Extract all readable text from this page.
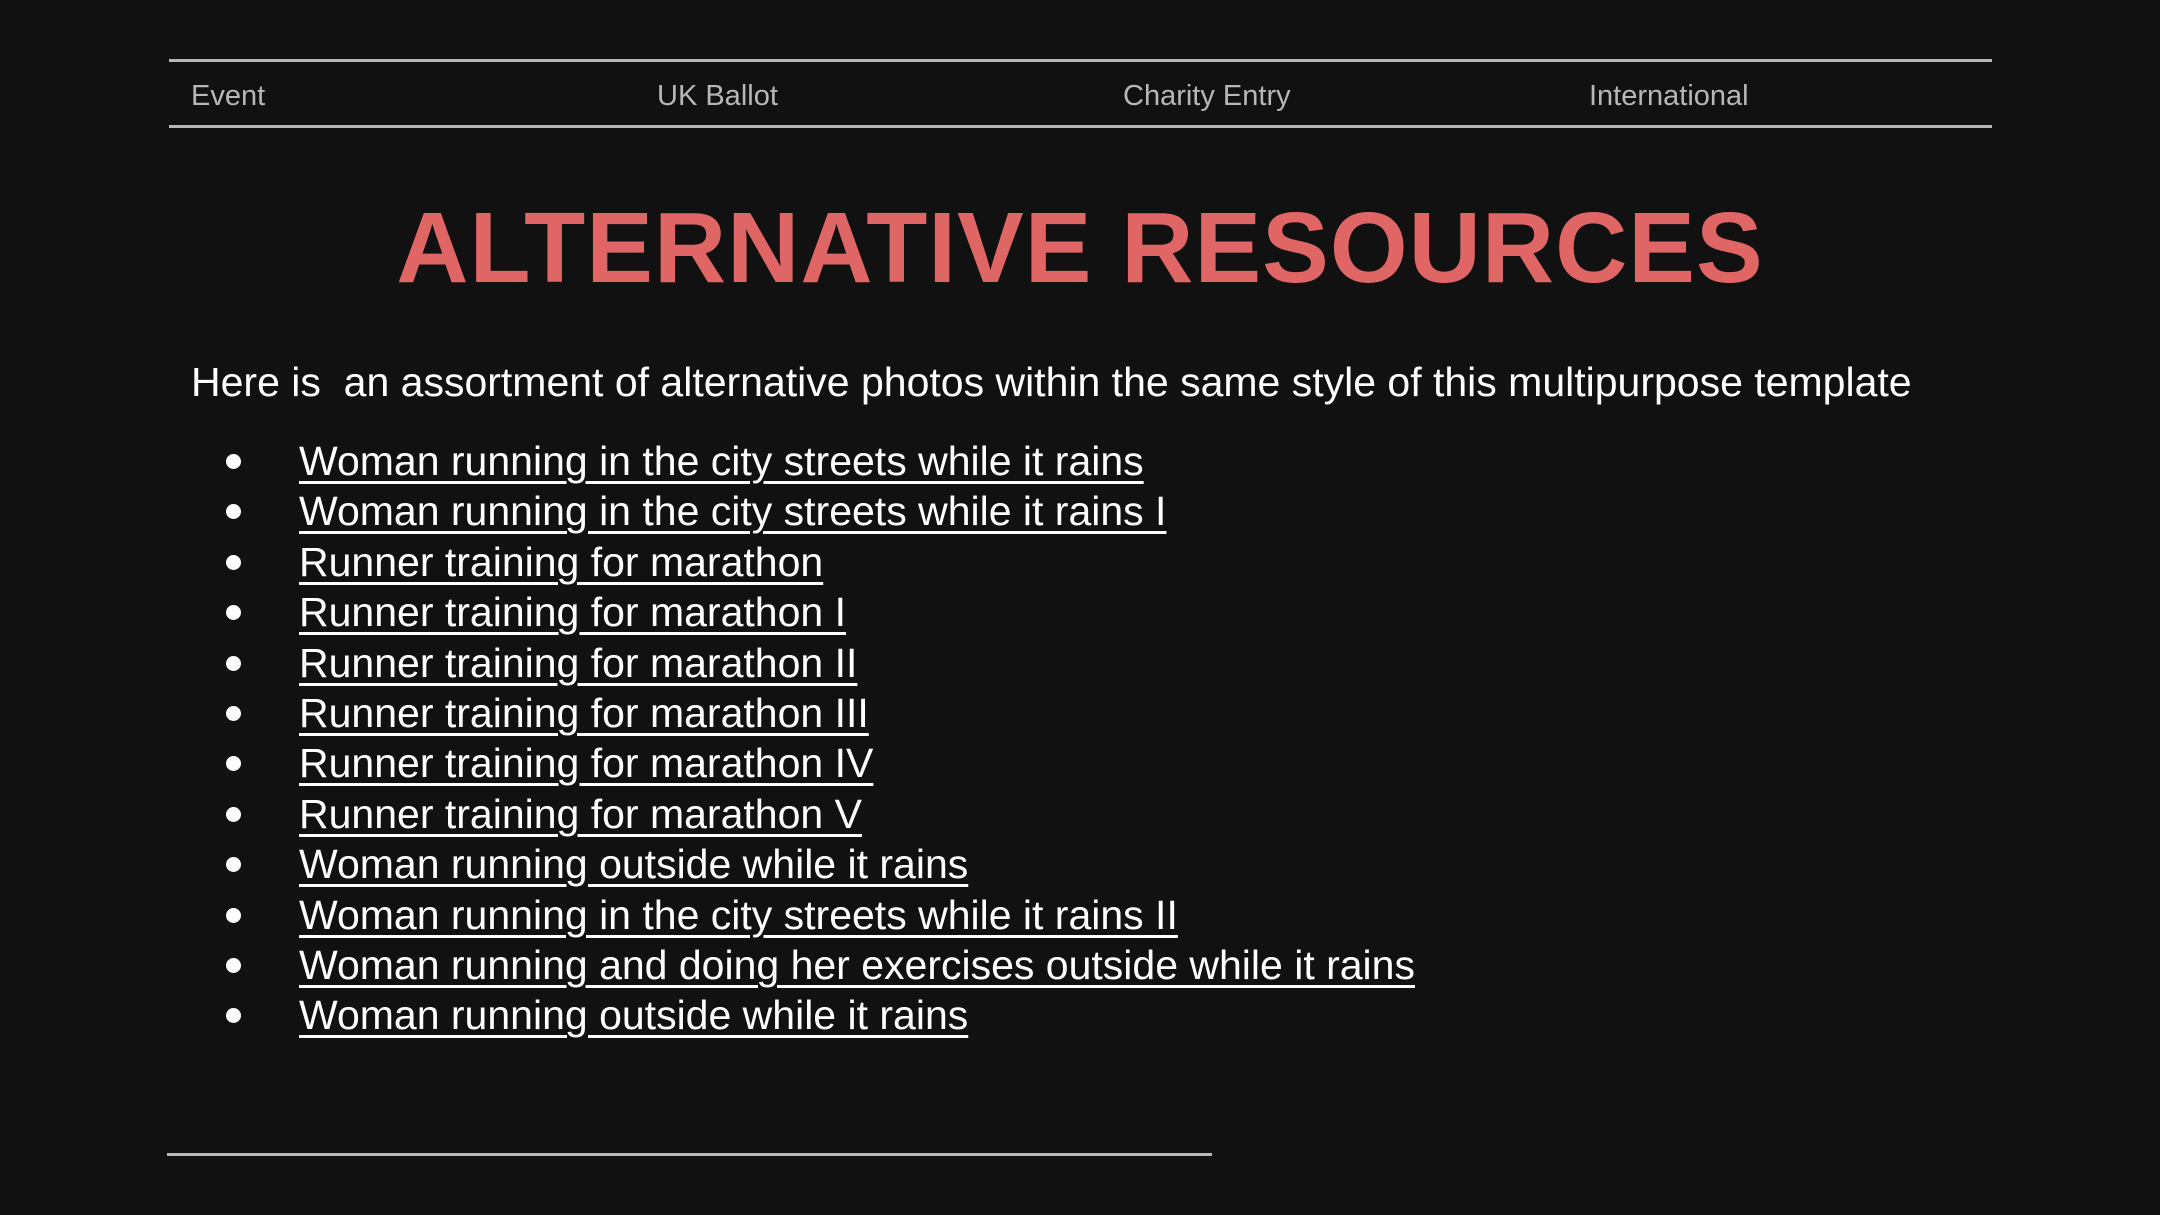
Event	UK Ballot	Charity Entry	International
ALTERNATIVE RESOURCES

Here is  an assortment of alternative photos within the same style of this multipurpose template

Woman running in the city streets while it rains
Woman running in the city streets while it rains I
Runner training for marathon
Runner training for marathon I
Runner training for marathon II
Runner training for marathon III
Runner training for marathon IV
Runner training for marathon V
Woman running outside while it rains
Woman running in the city streets while it rains II
Woman running and doing her exercises outside while it rains
Woman running outside while it rains
